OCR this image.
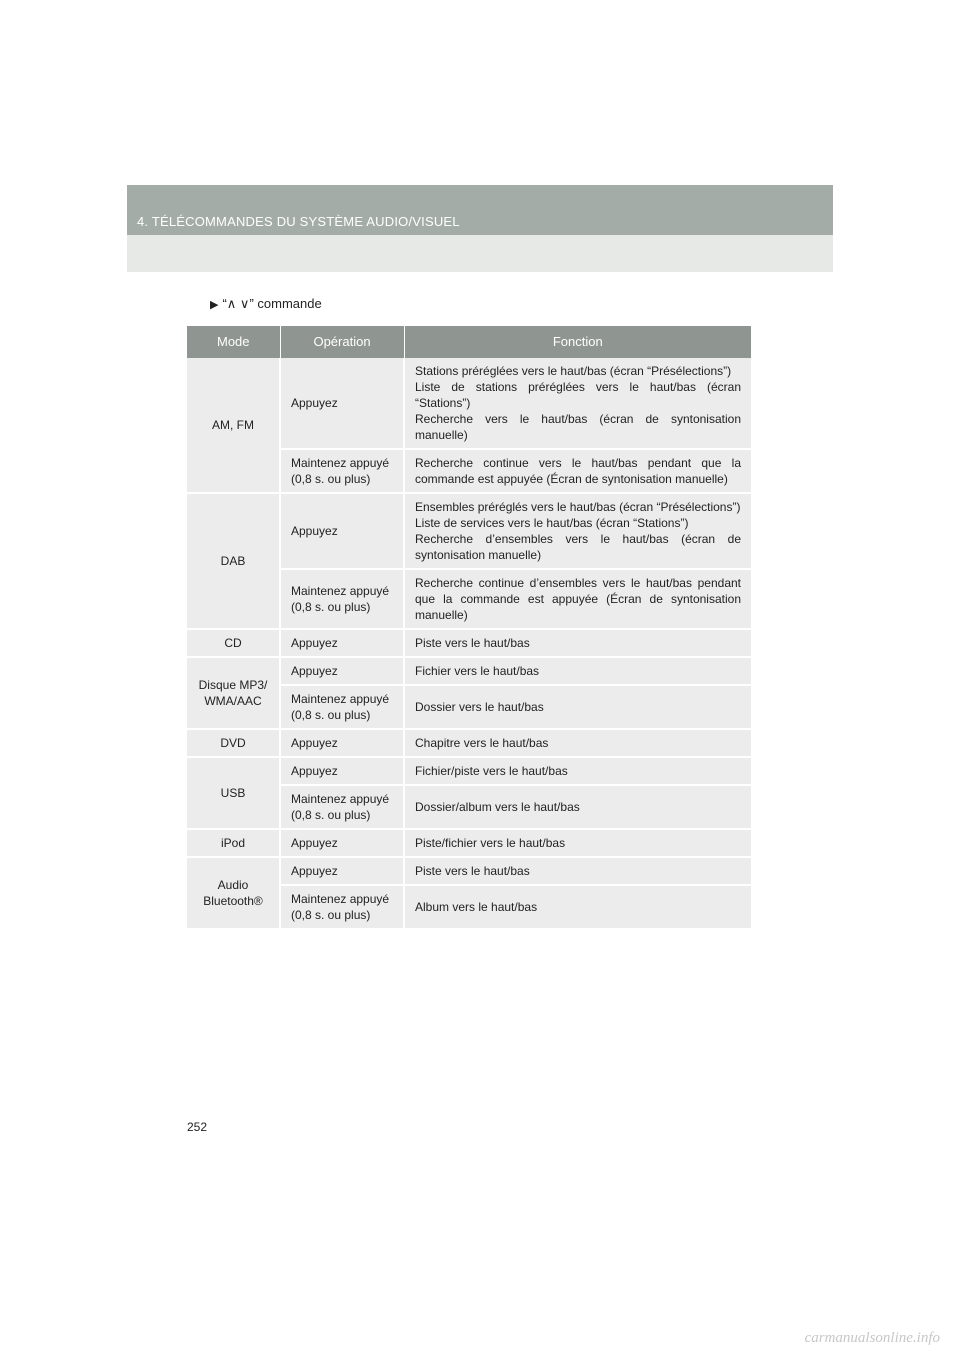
4. TÉLÉCOMMANDES DU SYSTÈME AUDIO/VISUEL
▶ “∧ ∨” commande
Mode	Opération	Fonction
AM, FM	Appuyez	Stations préréglées vers le haut/bas (écran “Présélections”)
Liste de stations préréglées vers le haut/bas (écran “Stations”)
Recherche vers le haut/bas (écran de syntonisation manuelle)
	Maintenez appuyé (0,8 s. ou plus)	Recherche continue vers le haut/bas pendant que la commande est appuyée (Écran de syntonisation manuelle)
DAB	Appuyez	Ensembles préréglés vers le haut/bas (écran “Présélections”)
Liste de services vers le haut/bas (écran “Stations”)
Recherche d’ensembles vers le haut/bas (écran de syntonisation manuelle)
	Maintenez appuyé (0,8 s. ou plus)	Recherche continue d’ensembles vers le haut/bas pendant que la commande est appuyée (Écran de syntonisation manuelle)
CD	Appuyez	Piste vers le haut/bas
Disque MP3/ WMA/AAC	Appuyez	Fichier vers le haut/bas
	Maintenez appuyé (0,8 s. ou plus)	Dossier vers le haut/bas
DVD	Appuyez	Chapitre vers le haut/bas
USB	Appuyez	Fichier/piste vers le haut/bas
	Maintenez appuyé (0,8 s. ou plus)	Dossier/album vers le haut/bas
iPod	Appuyez	Piste/fichier vers le haut/bas
Audio Bluetooth®	Appuyez	Piste vers le haut/bas
	Maintenez appuyé (0,8 s. ou plus)	Album vers le haut/bas
252
carmanualsonline.info
